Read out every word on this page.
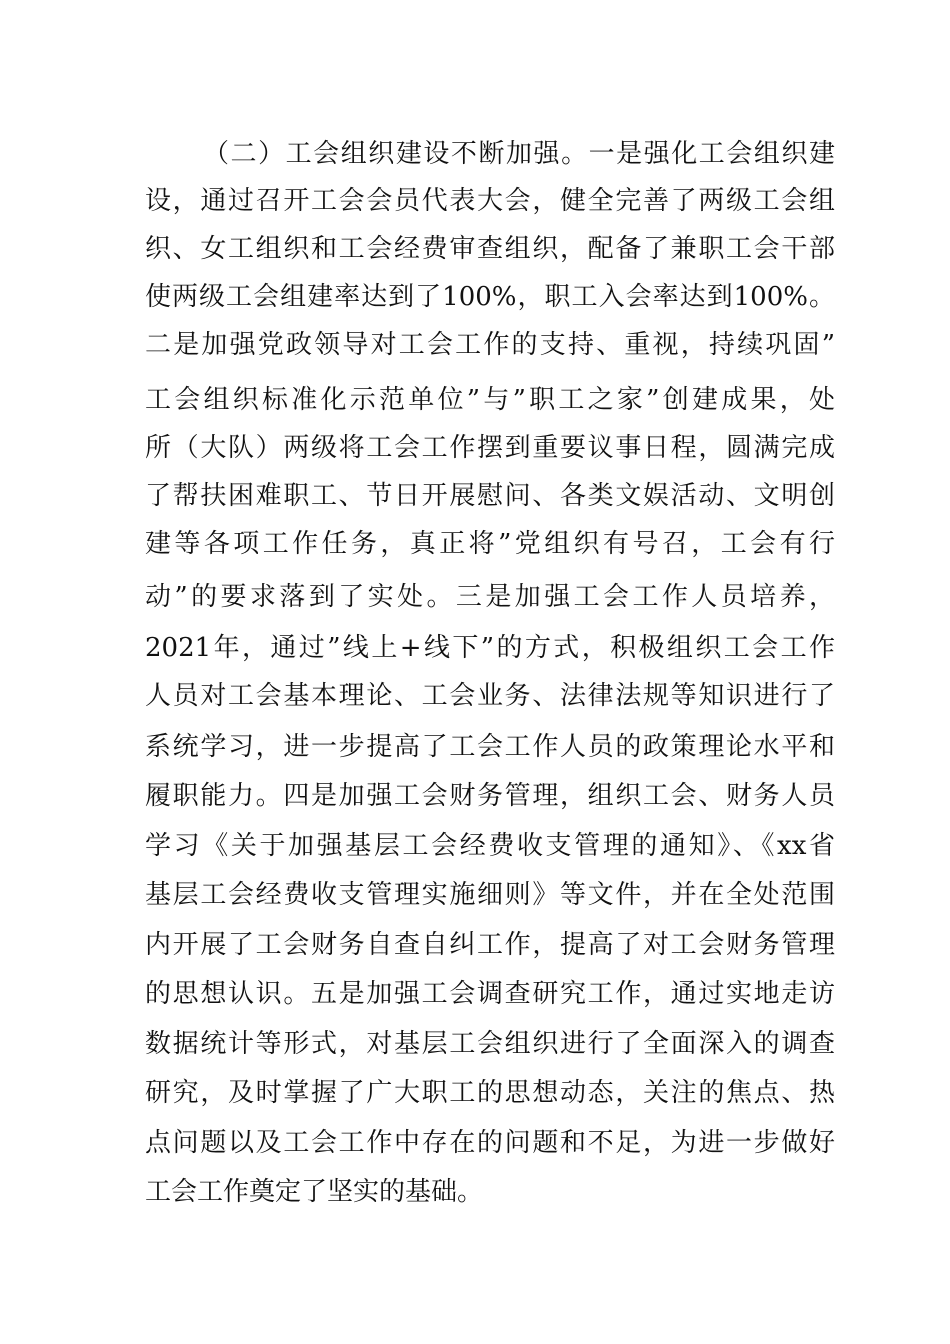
（二）工会组织建设不断加强。一是强化工会组织建
设，通过召开工会会员代表大会，健全完善了两级工会组
织、女工组织和工会经费审查组织，配备了兼职工会干部
使两级工会组建率达到了100%，职工入会率达到100%。
二是加强党政领导对工会工作的支持、重视，持续巩固”
工会组织标准化示范单位”与”职工之家”创建成果，处
所（大队）两级将工会工作摆到重要议事日程，圆满完成
了帮扶困难职工、节日开展慰问、各类文娱活动、文明创
建等各项工作任务，真正将”党组织有号召，工会有行
动”的要求落到了实处。三是加强工会工作人员培养，
2021年，通过”线上+线下”的方式，积极组织工会工作
人员对工会基本理论、工会业务、法律法规等知识进行了
系统学习，进一步提高了工会工作人员的政策理论水平和
履职能力。四是加强工会财务管理，组织工会、财务人员
学习《关于加强基层工会经费收支管理的通知》、《xx省
基层工会经费收支管理实施细则》等文件，并在全处范围
内开展了工会财务自查自纠工作，提高了对工会财务管理
的思想认识。五是加强工会调查研究工作，通过实地走访
数据统计等形式，对基层工会组织进行了全面深入的调查
研究，及时掌握了广大职工的思想动态，关注的焦点、热
点问题以及工会工作中存在的问题和不足，为进一步做好
工会工作奠定了坚实的基础。
